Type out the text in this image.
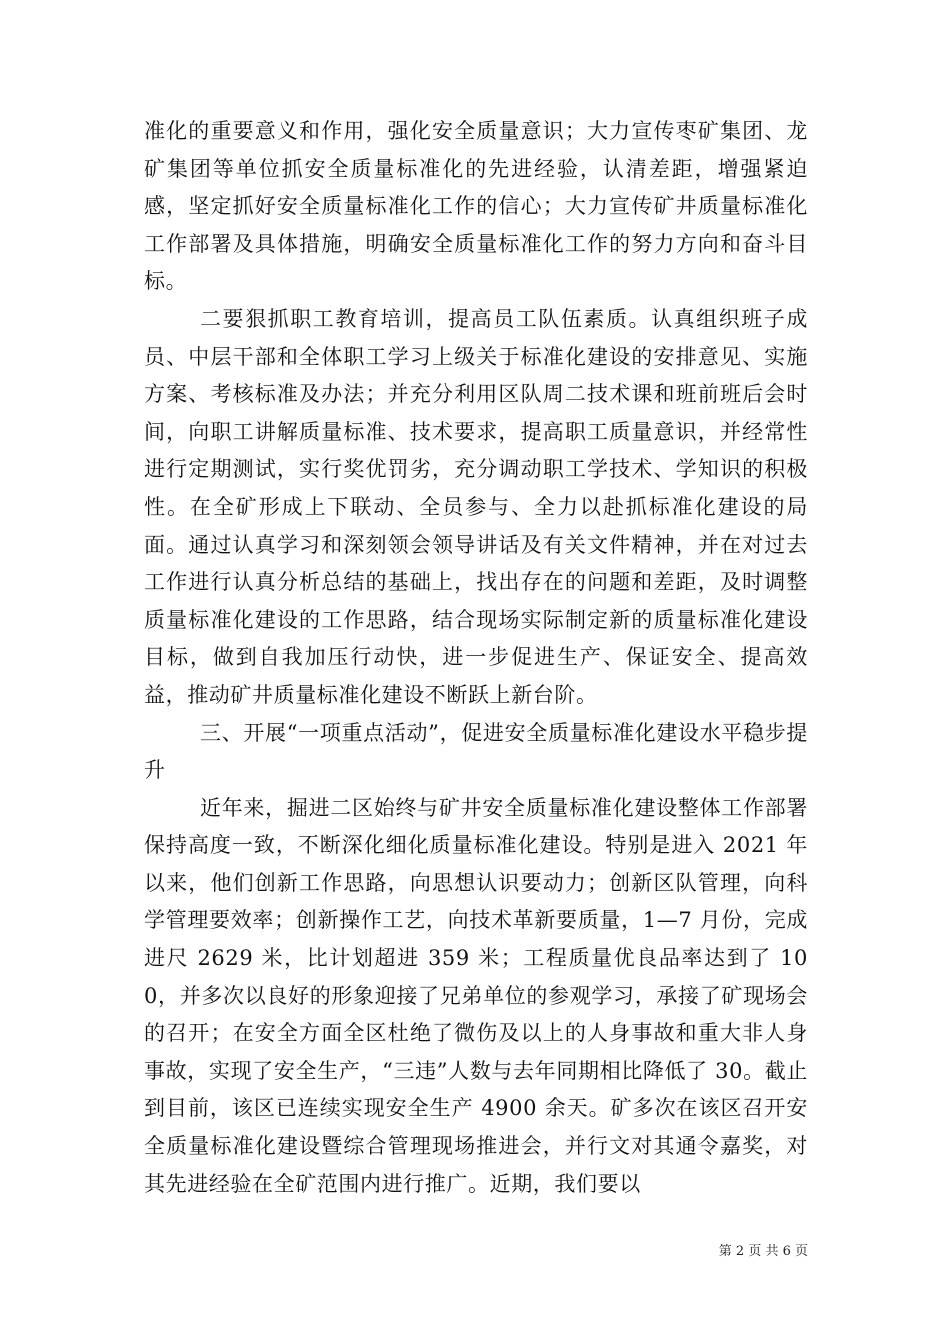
准化的重要意义和作用，强化安全质量意识；大力宣传枣矿集团、龙矿集团等单位抓安全质量标准化的先进经验，认清差距，增强紧迫感，坚定抓好安全质量标准化工作的信心；大力宣传矿井质量标准化工作部署及具体措施，明确安全质量标准化工作的努力方向和奋斗目标。

二要狠抓职工教育培训，提高员工队伍素质。认真组织班子成员、中层干部和全体职工学习上级关于标准化建设的安排意见、实施方案、考核标准及办法；并充分利用区队周二技术课和班前班后会时间，向职工讲解质量标准、技术要求，提高职工质量意识，并经常性进行定期测试，实行奖优罚劣，充分调动职工学技术、学知识的积极性。在全矿形成上下联动、全员参与、全力以赴抓标准化建设的局面。通过认真学习和深刻领会领导讲话及有关文件精神，并在对过去工作进行认真分析总结的基础上，找出存在的问题和差距，及时调整质量标准化建设的工作思路，结合现场实际制定新的质量标准化建设目标，做到自我加压行动快，进一步促进生产、保证安全、提高效益，推动矿井质量标准化建设不断跃上新台阶。

三、开展“一项重点活动”，促进安全质量标准化建设水平稳步提升

近年来，掘进二区始终与矿井安全质量标准化建设整体工作部署保持高度一致，不断深化细化质量标准化建设。特别是进入 2021 年以来，他们创新工作思路，向思想认识要动力；创新区队管理，向科学管理要效率；创新操作工艺，向技术革新要质量，1—7 月份，完成进尺 2629 米，比计划超进 359 米；工程质量优良品率达到了 100，并多次以良好的形象迎接了兄弟单位的参观学习，承接了矿现场会的召开；在安全方面全区杜绝了微伤及以上的人身事故和重大非人身事故，实现了安全生产，“三违”人数与去年同期相比降低了 30。截止到目前，该区已连续实现安全生产 4900 余天。矿多次在该区召开安全质量标准化建设暨综合管理现场推进会，并行文对其通令嘉奖，对其先进经验在全矿范围内进行推广。近期，我们要以

第 2 页 共 6 页
